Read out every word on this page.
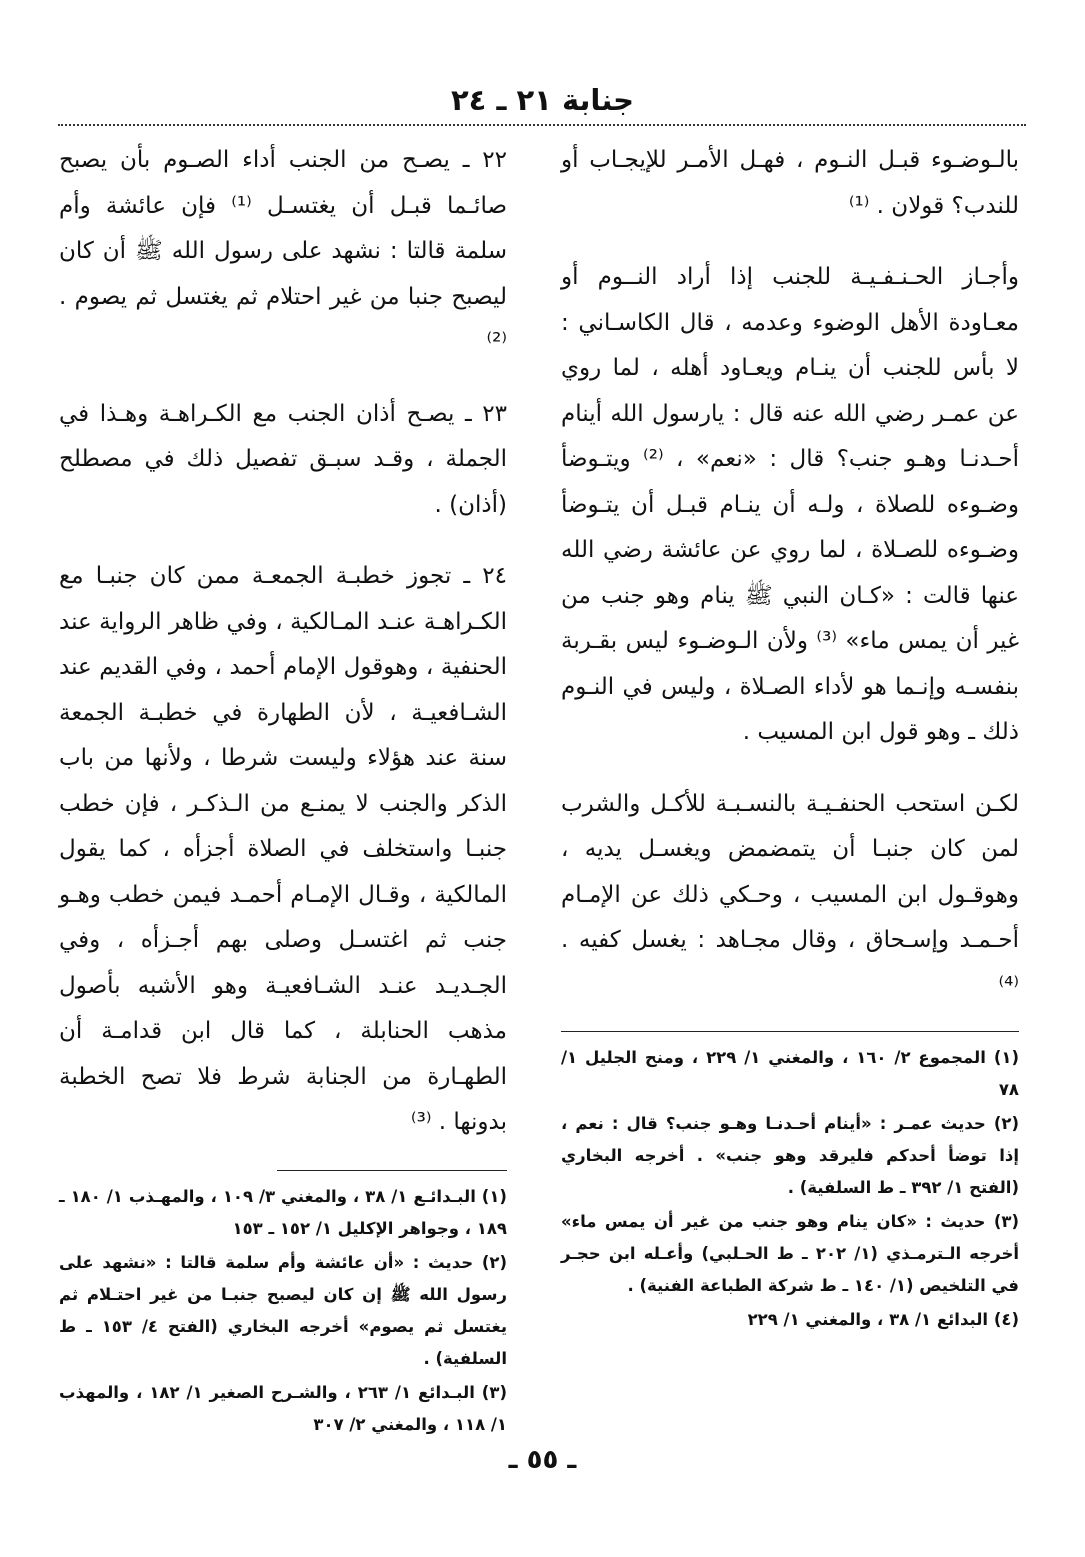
جنابة ٢١ ـ ٢٤

بالـوضـوء قبـل النـوم ، فهـل الأمـر للإيجـاب أو للندب؟ قولان . ⁽¹⁾

وأجـاز الحـنـفـيـة للجنب إذا أراد النــوم أو معـاودة الأهل الوضوء وعدمه ، قال الكاسـاني : لا بأس للجنب أن ينـام ويعـاود أهله ، لما روي عن عمـر رضي الله عنه قال : يارسول الله أينام أحـدنـا وهـو جنب؟ قال : «نعم» ، ⁽²⁾ ويتـوضأ وضـوءه للصلاة ، ولـه أن ينـام قبـل أن يتـوضأ وضـوءه للصـلاة ، لما روي عن عائشة رضي الله عنها قالت : «كـان النبي ﷺ ينام وهو جنب من غير أن يمس ماء» ⁽³⁾ ولأن الـوضـوء ليس بقـربة بنفسـه وإنـما هو لأداء الصـلاة ، وليس في النـوم ذلك ـ وهو قول ابن المسيب .

لكـن استحب الحنفـيـة بالنسـبـة للأكـل والشرب لمن كان جنبـا أن يتمضمض ويغسـل يديه ، وهوقـول ابن المسيب ، وحـكي ذلك عن الإمـام أحـمـد وإسـحاق ، وقال مجـاهد : يغسل كفيه . ⁽⁴⁾

(١) المجموع ٢/ ١٦٠ ، والمغني ١/ ٢٢٩ ، ومنح الجليل ١/ ٧٨

(٢) حديث عمـر : «أينام أحـدنـا وهـو جنب؟ قال : نعم ، إذا توضأ أحدكم فليرقد وهو جنب» . أخرجه البخاري (الفتح ١/ ٣٩٢ ـ ط السلفية) .

(٣) حديث : «كان ينام وهو جنب من غير أن يمس ماء» أخرجه الـترمـذي (١/ ٢٠٢ ـ ط الحـلبي) وأعـله ابن حجـر في التلخيص (١/ ١٤٠ ـ ط شركة الطباعة الفنية) .

(٤) البدائع ١/ ٣٨ ، والمغني ١/ ٢٢٩

٢٢ ـ يصـح من الجنب أداء الصـوم بأن يصبح صائـما قبـل أن يغتسـل ⁽¹⁾ فإن عائشة وأم سلمة قالتا : نشهد على رسول الله ﷺ أن كان ليصبح جنبا من غير احتلام ثم يغتسل ثم يصوم . ⁽²⁾

٢٣ ـ يصـح أذان الجنب مع الكـراهـة وهـذا في الجملة ، وقـد سبـق تفصيل ذلك في مصطلح (أذان) .

٢٤ ـ تجوز خطبـة الجمعـة ممن كان جنبـا مع الكـراهـة عنـد المـالكية ، وفي ظاهر الرواية عند الحنفية ، وهوقول الإمام أحمد ، وفي القديم عند الشـافعيـة ، لأن الطهارة في خطبـة الجمعة سنة عند هؤلاء وليست شرطا ، ولأنها من باب الذكر والجنب لا يمنـع من الـذكـر ، فإن خطب جنبـا واستخلف في الصلاة أجزأه ، كما يقول المالكية ، وقـال الإمـام أحمـد فيمن خطب وهـو جنب ثم اغتسـل وصلى بهم أجـزأه ، وفي الجـديـد عنـد الشـافعيـة وهو الأشبه بأصول مذهب الحنابلة ، كما قال ابن قدامـة أن الطهـارة من الجنابة شرط فلا تصح الخطبة بدونها . ⁽³⁾

(١) البـدائـع ١/ ٣٨ ، والمغني ٣/ ١٠٩ ، والمهـذب ١/ ١٨٠ ـ ١٨٩ ، وجواهر الإكليل ١/ ١٥٢ ـ ١٥٣

(٢) حديث : «أن عائشة وأم سلمة قالتا : «نشهد على رسول الله ﷺ إن كان ليصبح جنبـا من غير احتـلام ثم يغتسل ثم يصوم» أخرجه البخاري (الفتح ٤/ ١٥٣ ـ ط السلفية) .

(٣) البـدائع ١/ ٢٦٣ ، والشـرح الصغير ١/ ١٨٢ ، والمهذب ١/ ١١٨ ، والمغني ٢/ ٣٠٧

ـ ٥٥ ـ
